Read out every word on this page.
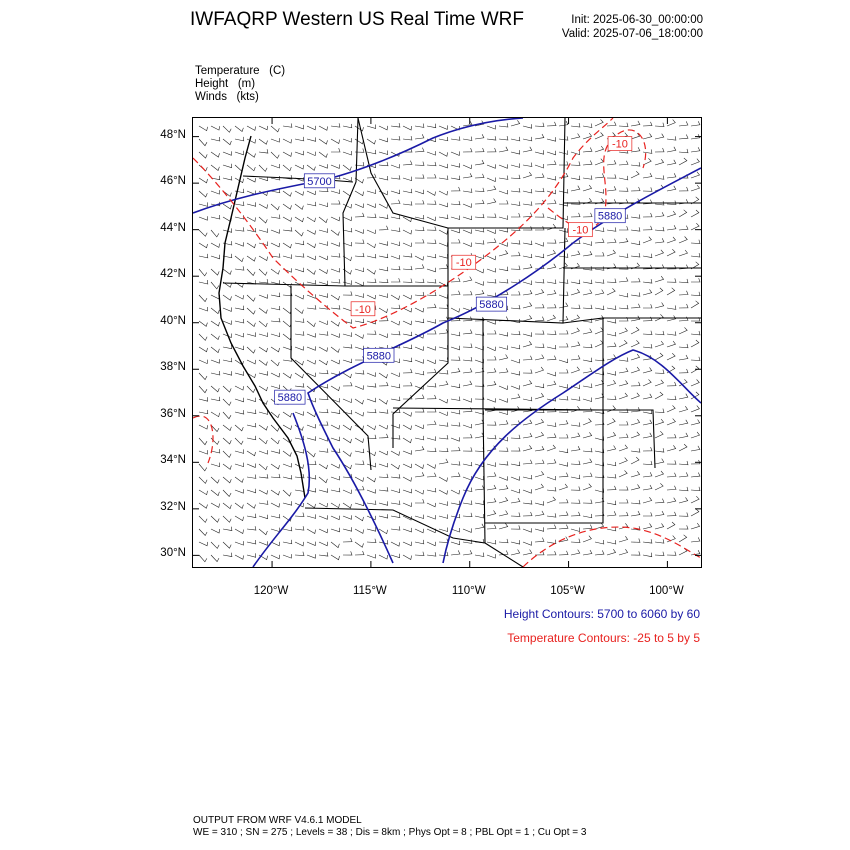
IWFAQRP Western US Real Time WRF	Init: 2025-06-30_00:00:00
Valid: 2025-07-06_18:00:00
Temperature   (C)
Height   (m)
Winds   (kts)
5700
5880
5880
5880
5880
-10
-10
-10
-10
48°N
46°N
44°N
42°N
40°N
38°N
36°N
34°N
32°N
30°N
120°W	115°W	110°W	105°W	100°W
Height Contours: 5700 to 6060 by 60
Temperature Contours: -25 to 5 by 5
OUTPUT FROM WRF V4.6.1 MODEL
WE = 310 ; SN = 275 ; Levels = 38 ; Dis = 8km ; Phys Opt = 8 ; PBL Opt = 1 ; Cu Opt = 3
